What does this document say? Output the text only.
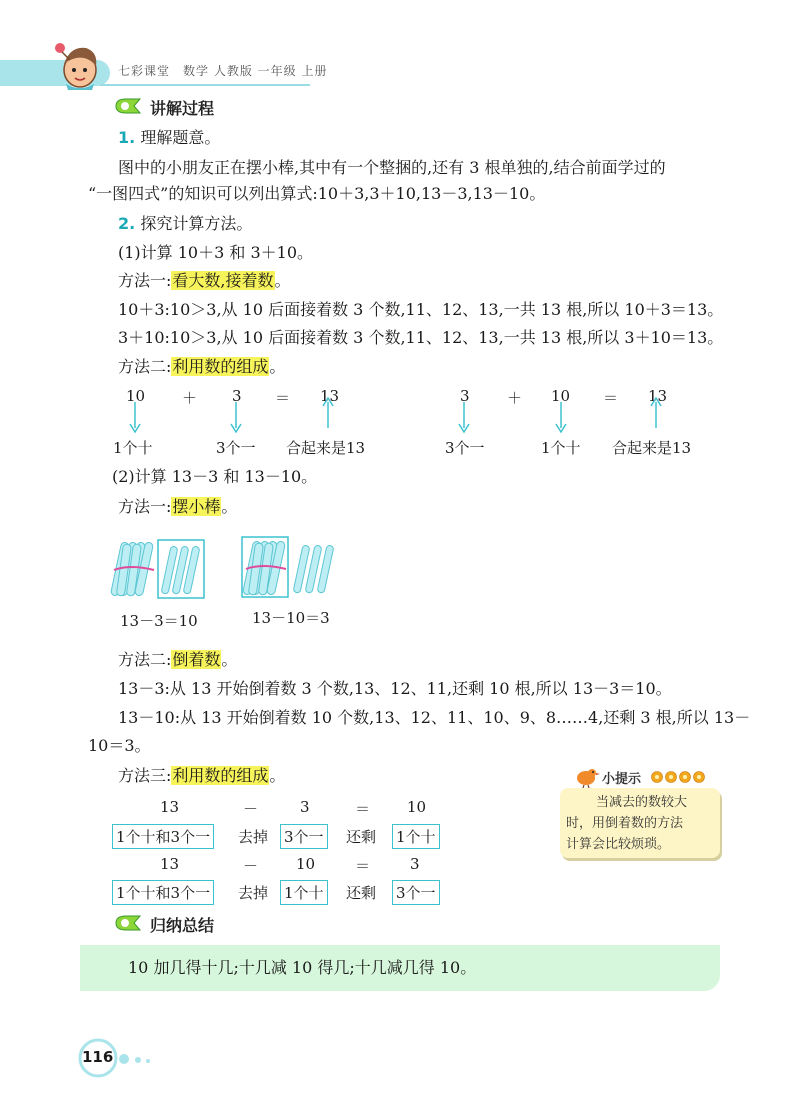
七彩课堂　数学 人教版 一年级 上册
讲解过程
1. 理解题意。
图中的小朋友正在摆小棒,其中有一个整捆的,还有 3 根单独的,结合前面学过的
“一图四式”的知识可以列出算式:10＋3,3＋10,13－3,13－10。
2. 探究计算方法。
(1)计算 10＋3 和 3＋10。
方法一:看大数,接着数。
10＋3:10＞3,从 10 后面接着数 3 个数,11、12、13,一共 13 根,所以 10＋3＝13。
3＋10:10＞3,从 10 后面接着数 3 个数,11、12、13,一共 13 根,所以 3＋10＝13。
方法二:利用数的组成。
10 ＋ 3 ＝ 13
1个十	3个一 合起来是13
3 ＋ 10 ＝ 13
3个一	1个十 合起来是13
(2)计算 13－3 和 13－10。
方法一:摆小棒。
13－3＝10	13－10＝3
方法二:倒着数。
13－3:从 13 开始倒着数 3 个数,13、12、11,还剩 10 根,所以 13－3＝10。
13－10:从 13 开始倒着数 10 个数,13、12、11、10、9、8……4,还剩 3 根,所以 13－
10＝3。
方法三:利用数的组成。
13	－	3	＝ 10
1个十和3个一 去掉 3个一 还剩 1个十
13	－	10	＝	3
1个十和3个一 去掉 1个十 还剩 3个一
小提示
当减去的数较大
时，用倒着数的方法
计算会比较烦琐。
归纳总结
10 加几得十几;十几减 10 得几;十几减几得 10。
116
